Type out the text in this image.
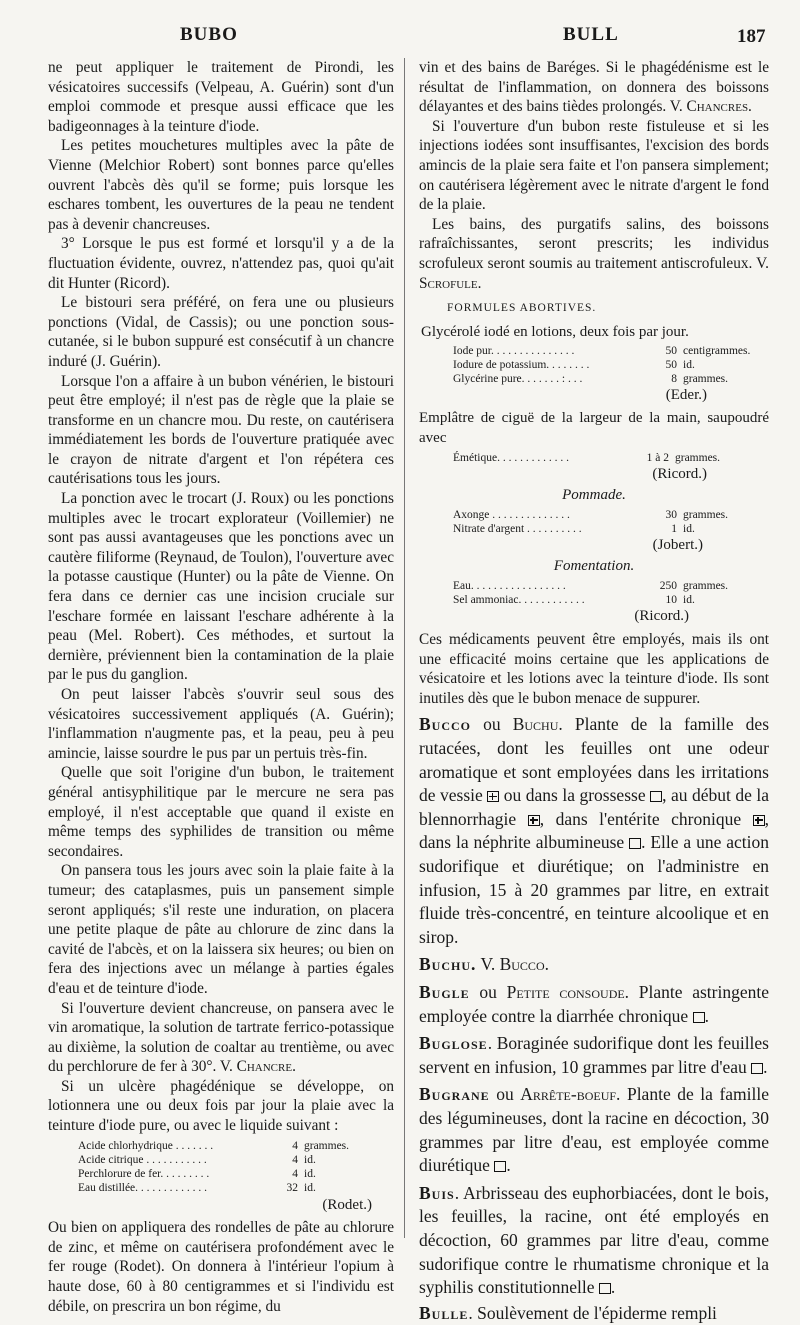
BUBO	BULL	187

ne peut appliquer le traitement de Pirondi, les vésicatoires successifs (Velpeau, A. Guérin) sont d'un emploi commode et presque aussi efficace que les badigeonnages à la teinture d'iode.

Les petites mouchetures multiples avec la pâte de Vienne (Melchior Robert) sont bonnes parce qu'elles ouvrent l'abcès dès qu'il se forme; puis lorsque les eschares tombent, les ouvertures de la peau ne tendent pas à devenir chancreuses.

3° Lorsque le pus est formé et lorsqu'il y a de la fluctuation évidente, ouvrez, n'attendez pas, quoi qu'ait dit Hunter (Ricord).

Le bistouri sera préféré, on fera une ou plusieurs ponctions (Vidal, de Cassis); ou une ponction sous-cutanée, si le bubon suppuré est consécutif à un chancre induré (J. Guérin).

Lorsque l'on a affaire à un bubon vénérien, le bistouri peut être employé; il n'est pas de règle que la plaie se transforme en un chancre mou. Du reste, on cautérisera immédiatement les bords de l'ouverture pratiquée avec le crayon de nitrate d'argent et l'on répétera ces cautérisations tous les jours.

La ponction avec le trocart (J. Roux) ou les ponctions multiples avec le trocart explorateur (Voillemier) ne sont pas aussi avantageuses que les ponctions avec un cautère filiforme (Reynaud, de Toulon), l'ouverture avec la potasse caustique (Hunter) ou la pâte de Vienne. On fera dans ce dernier cas une incision cruciale sur l'eschare formée en laissant l'eschare adhérente à la peau (Mel. Robert). Ces méthodes, et surtout la dernière, préviennent bien la contamination de la plaie par le pus du ganglion.

On peut laisser l'abcès s'ouvrir seul sous des vésicatoires successivement appliqués (A. Guérin); l'inflammation n'augmente pas, et la peau, peu à peu amincie, laisse sourdre le pus par un pertuis très-fin.

Quelle que soit l'origine d'un bubon, le traitement général antisyphilitique par le mercure ne sera pas employé, il n'est acceptable que quand il existe en même temps des syphilides de transition ou même secondaires.

On pansera tous les jours avec soin la plaie faite à la tumeur; des cataplasmes, puis un pansement simple seront appliqués; s'il reste une induration, on placera une petite plaque de pâte au chlorure de zinc dans la cavité de l'abcès, et on la laissera six heures; ou bien on fera des injections avec un mélange à parties égales d'eau et de teinture d'iode.

Si l'ouverture devient chancreuse, on pansera avec le vin aromatique, la solution de tartrate ferrico-potassique au dixième, la solution de coaltar au trentième, ou avec du perchlorure de fer à 30°. V. Chancre.

Si un ulcère phagédénique se développe, on lotionnera une ou deux fois par jour la plaie avec la teinture d'iode pure, ou avec le liquide suivant :

Acide chlorhydrique . . . . . . .	4	grammes.
Acide citrique . . . . . . . . . . .	4	id.
Perchlorure de fer. . . . . . . . .	4	id.
Eau distillée. . . . . . . . . . . . .	32	id.
(Rodet.)

Ou bien on appliquera des rondelles de pâte au chlorure de zinc, et même on cautérisera profondément avec le fer rouge (Rodet). On donnera à l'intérieur l'opium à haute dose, 60 à 80 centigrammes et si l'individu est débile, on prescrira un bon régime, du

vin et des bains de Baréges. Si le phagédénisme est le résultat de l'inflammation, on donnera des boissons délayantes et des bains tièdes prolongés. V. Chancres.

Si l'ouverture d'un bubon reste fistuleuse et si les injections iodées sont insuffisantes, l'excision des bords amincis de la plaie sera faite et l'on pansera simplement; on cautérisera légèrement avec le nitrate d'argent le fond de la plaie.

Les bains, des purgatifs salins, des boissons rafraîchissantes, seront prescrits; les individus scrofuleux seront soumis au traitement antiscrofuleux. V. Scrofule.

FORMULES ABORTIVES.
Glycérolé iodé en lotions, deux fois par jour.
Iode pur. . . . . . . . . . . . . . .	50	centigrammes.
Iodure de potassium. . . . . . . .	50	id.
Glycérine pure. . . . . . . : . . .	8	grammes.
(Eder.)
Emplâtre de ciguë de la largeur de la main, saupoudré avec
Émétique. . . . . . . . . . . . .	1 à 2	grammes.
(Ricord.)
Pommade.
Axonge . . . . . . . . . . . . . .	30	grammes.
Nitrate d'argent . . . . . . . . . .	1	id.
(Jobert.)
Fomentation.
Eau. . . . . . . . . . . . . . . . .	250	grammes.
Sel ammoniac. . . . . . . . . . . .	10	id.
(Ricord.)

Ces médicaments peuvent être employés, mais ils ont une efficacité moins certaine que les applications de vésicatoire et les lotions avec la teinture d'iode. Ils sont inutiles dès que le bubon menace de suppurer.

Bucco ou Buchu. Plante de la famille des rutacées, dont les feuilles ont une odeur aromatique et sont employées dans les irritations de vessie  ou dans la grossesse , au début de la blennorrhagie , dans l'entérite chronique , dans la néphrite albumineuse . Elle a une action sudorifique et diurétique; on l'administre en infusion, 15 à 20 grammes par litre, en extrait fluide très-concentré, en teinture alcoolique et en sirop.

Buchu. V. Bucco.

Bugle ou Petite consoude. Plante astringente employée contre la diarrhée chronique .

Buglose. Boraginée sudorifique dont les feuilles servent en infusion, 10 grammes par litre d'eau .

Bugrane ou Arrête-boeuf. Plante de la famille des légumineuses, dont la racine en décoction, 30 grammes par litre d'eau, est employée comme diurétique .

Buis. Arbrisseau des euphorbiacées, dont le bois, les feuilles, la racine, ont été employés en décoction, 60 grammes par litre d'eau, comme sudorifique contre le rhumatisme chronique et la syphilis constitutionnelle .

Bulle. Soulèvement de l'épiderme rempli
